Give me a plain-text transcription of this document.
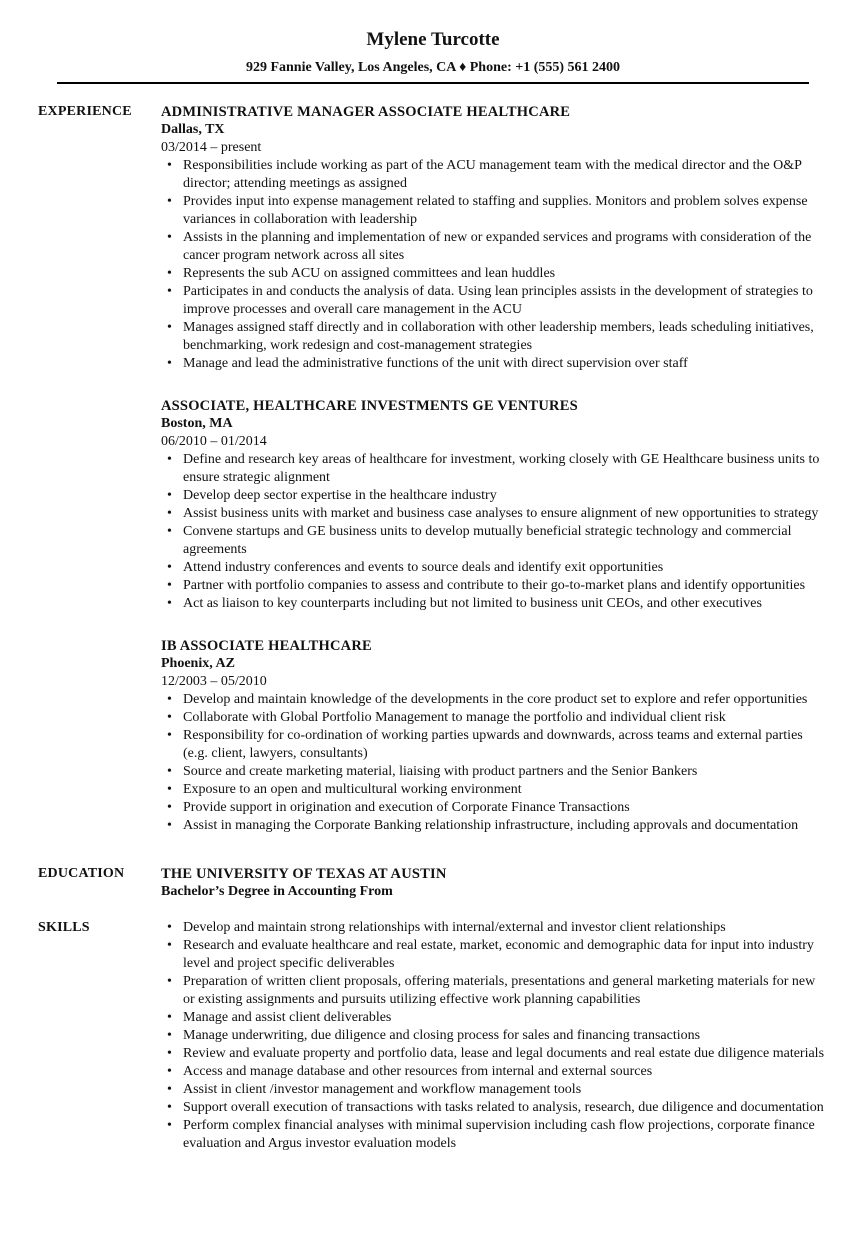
Mylene Turcotte
929 Fannie Valley, Los Angeles, CA ♦ Phone: +1 (555) 561 2400
EXPERIENCE ADMINISTRATIVE MANAGER ASSOCIATE HEALTHCARE
Dallas, TX
03/2014 – present
• Responsibilities include working as part of the ACU management team with the medical director and the O&P director; attending meetings as assigned
• Provides input into expense management related to staffing and supplies. Monitors and problem solves expense variances in collaboration with leadership
• Assists in the planning and implementation of new or expanded services and programs with consideration of the cancer program network across all sites
• Represents the sub ACU on assigned committees and lean huddles
• Participates in and conducts the analysis of data. Using lean principles assists in the development of strategies to improve processes and overall care management in the ACU
• Manages assigned staff directly and in collaboration with other leadership members, leads scheduling initiatives, benchmarking, work redesign and cost-management strategies
• Manage and lead the administrative functions of the unit with direct supervision over staff
ASSOCIATE, HEALTHCARE INVESTMENTS GE VENTURES
Boston, MA
06/2010 – 01/2014
• Define and research key areas of healthcare for investment, working closely with GE Healthcare business units to ensure strategic alignment
• Develop deep sector expertise in the healthcare industry
• Assist business units with market and business case analyses to ensure alignment of new opportunities to strategy
• Convene startups and GE business units to develop mutually beneficial strategic technology and commercial agreements
• Attend industry conferences and events to source deals and identify exit opportunities
• Partner with portfolio companies to assess and contribute to their go-to-market plans and identify opportunities
• Act as liaison to key counterparts including but not limited to business unit CEOs, and other executives
IB ASSOCIATE HEALTHCARE
Phoenix, AZ
12/2003 – 05/2010
• Develop and maintain knowledge of the developments in the core product set to explore and refer opportunities
• Collaborate with Global Portfolio Management to manage the portfolio and individual client risk
• Responsibility for co-ordination of working parties upwards and downwards, across teams and external parties (e.g. client, lawyers, consultants)
• Source and create marketing material, liaising with product partners and the Senior Bankers
• Exposure to an open and multicultural working environment
• Provide support in origination and execution of Corporate Finance Transactions
• Assist in managing the Corporate Banking relationship infrastructure, including approvals and documentation
EDUCATION	THE UNIVERSITY OF TEXAS AT AUSTIN
Bachelor’s Degree in Accounting From
SKILLS
•	Develop and maintain strong relationships with internal/external and investor client relationships
• Research and evaluate healthcare and real estate, market, economic and demographic data for input into industry level and project specific deliverables
• Preparation of written client proposals, offering materials, presentations and general marketing materials for new or existing assignments and pursuits utilizing effective work planning capabilities
• Manage and assist client deliverables
• Manage underwriting, due diligence and closing process for sales and financing transactions
• Review and evaluate property and portfolio data, lease and legal documents and real estate due diligence materials
• Access and manage database and other resources from internal and external sources
• Assist in client /investor management and workflow management tools
• Support overall execution of transactions with tasks related to analysis, research, due diligence and documentation
• Perform complex financial analyses with minimal supervision including cash flow projections, corporate finance evaluation and Argus investor evaluation models
